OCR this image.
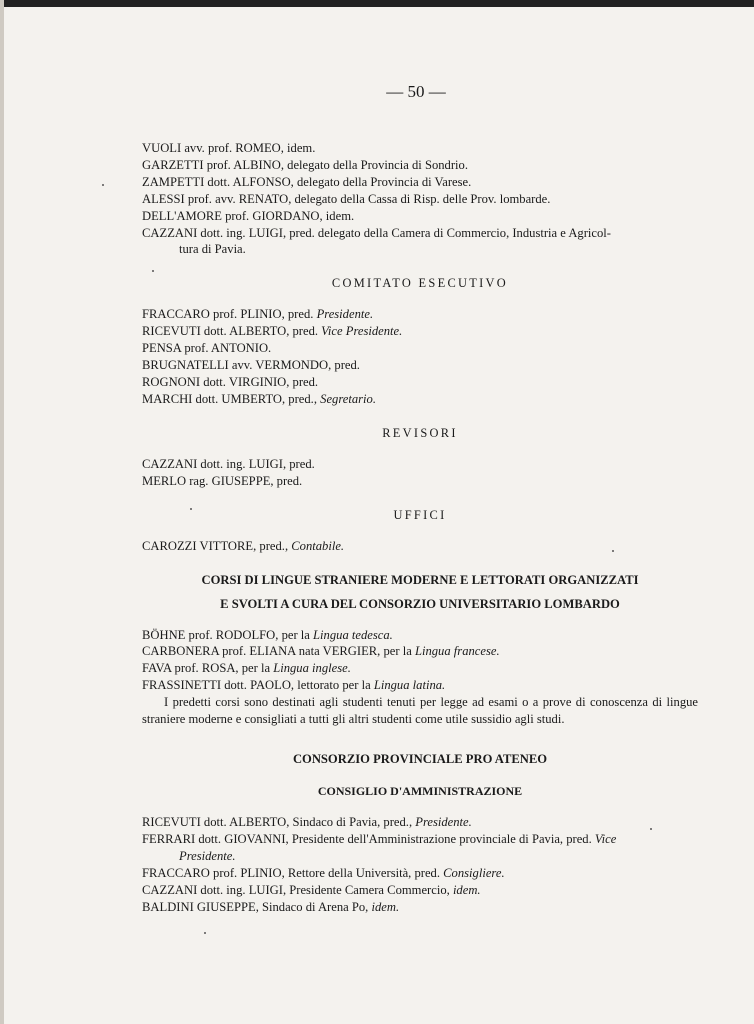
— 50 —
VUOLI avv. prof. ROMEO, idem.
GARZETTI prof. ALBINO, delegato della Provincia di Sondrio.
ZAMPETTI dott. ALFONSO, delegato della Provincia di Varese.
ALESSI prof. avv. RENATO, delegato della Cassa di Risp. delle Prov. lombarde.
DELL'AMORE prof. GIORDANO, idem.
CAZZANI dott. ing. LUIGI, pred. delegato della Camera di Commercio, Industria e Agricol-
tura di Pavia.
COMITATO ESECUTIVO
FRACCARO prof. PLINIO, pred. Presidente.
RICEVUTI dott. ALBERTO, pred. Vice Presidente.
PENSA prof. ANTONIO.
BRUGNATELLI avv. VERMONDO, pred.
ROGNONI dott. VIRGINIO, pred.
MARCHI dott. UMBERTO, pred., Segretario.
REVISORI
CAZZANI dott. ing. LUIGI, pred.
MERLO rag. GIUSEPPE, pred.
UFFICI
CAROZZI VITTORE, pred., Contabile.
CORSI DI LINGUE STRANIERE MODERNE E LETTORATI ORGANIZZATI
E SVOLTI A CURA DEL CONSORZIO UNIVERSITARIO LOMBARDO
BÖHNE prof. RODOLFO, per la Lingua tedesca.
CARBONERA prof. ELIANA nata VERGIER, per la Lingua francese.
FAVA prof. ROSA, per la Lingua inglese.
FRASSINETTI dott. PAOLO, lettorato per la Lingua latina.
I predetti corsi sono destinati agli studenti tenuti per legge ad esami o a prove di conoscenza di lingue straniere moderne e consigliati a tutti gli altri studenti come utile sussidio agli studi.
CONSORZIO PROVINCIALE PRO ATENEO
CONSIGLIO D'AMMINISTRAZIONE
RICEVUTI dott. ALBERTO, Sindaco di Pavia, pred., Presidente.
FERRARI dott. GIOVANNI, Presidente dell'Amministrazione provinciale di Pavia, pred. Vice
Presidente.
FRACCARO prof. PLINIO, Rettore della Università, pred. Consigliere.
CAZZANI dott. ing. LUIGI, Presidente Camera Commercio, idem.
BALDINI GIUSEPPE, Sindaco di Arena Po, idem.
